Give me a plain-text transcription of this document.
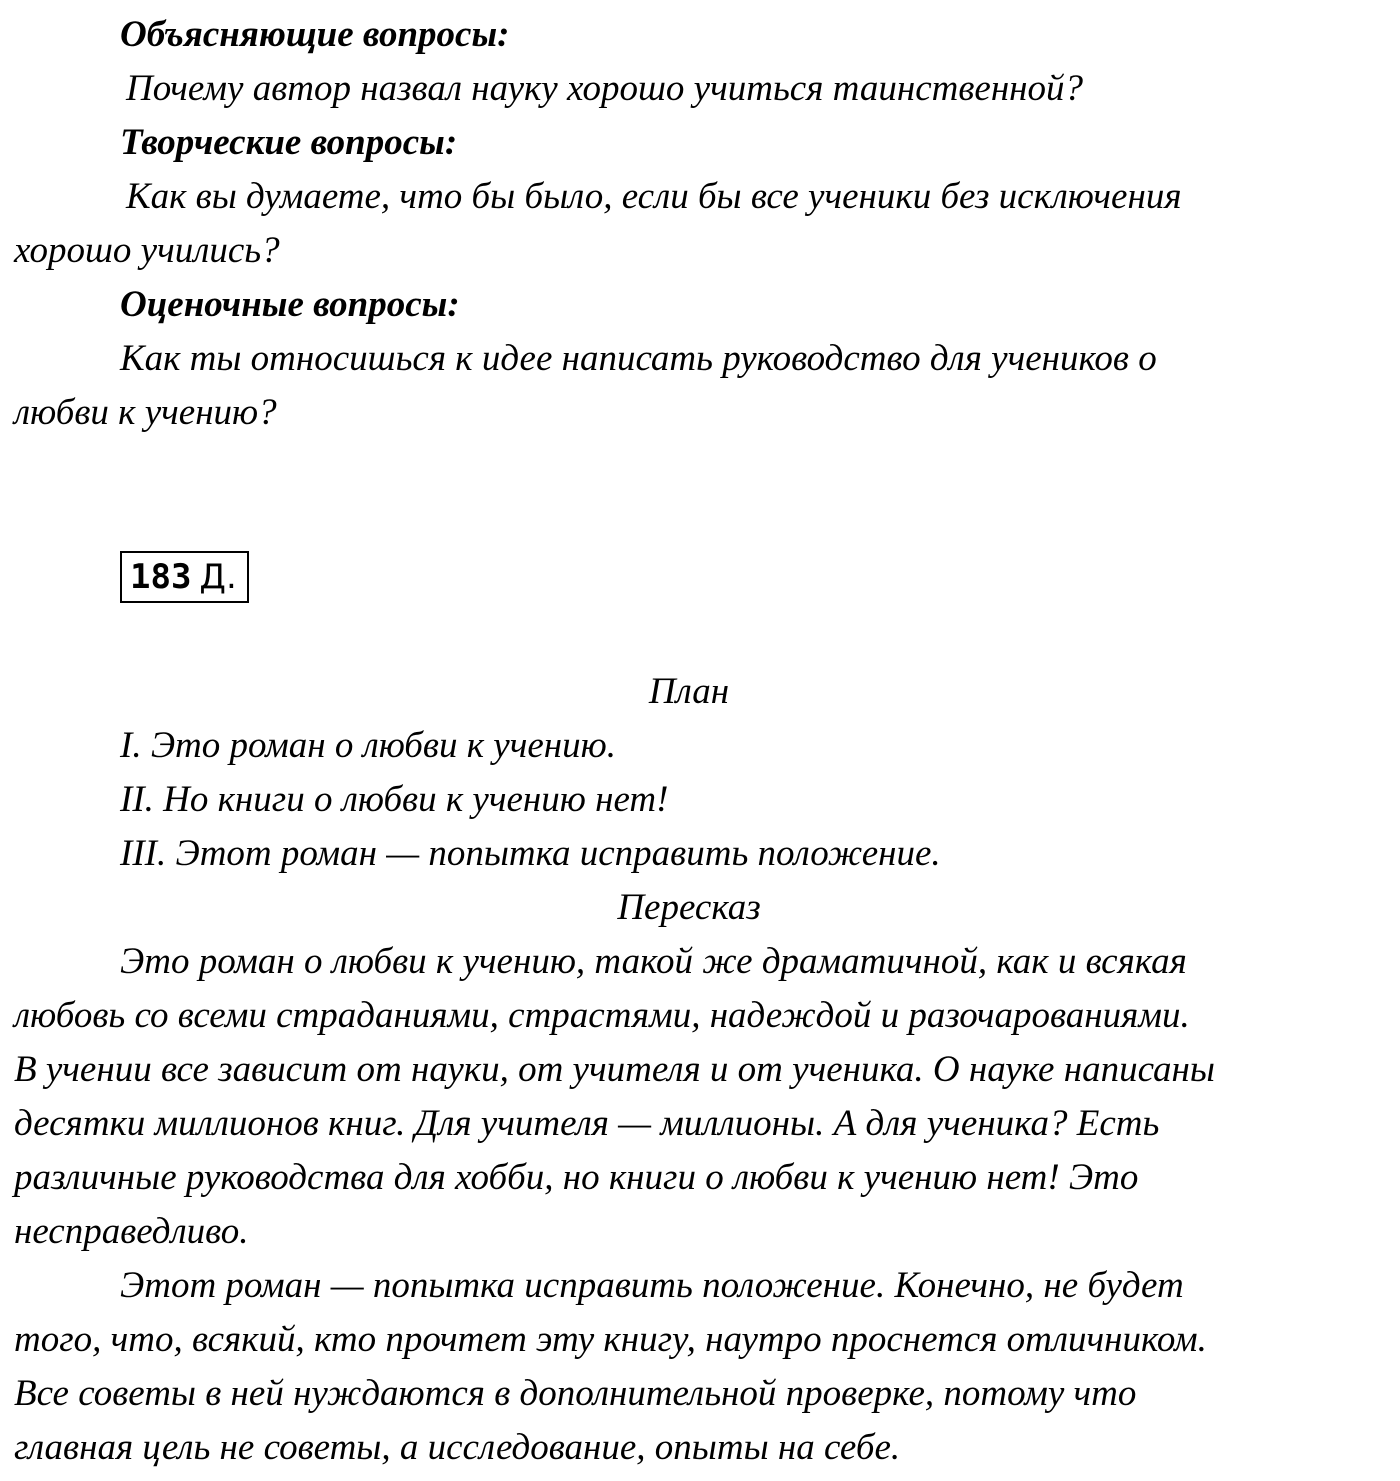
Объясняющие вопросы:
Почему автор назвал науку хорошо учиться таинственной?
Творческие вопросы:
Как вы думаете, что бы было, если бы все ученики без исключения
хорошо учились?
Оценочные вопросы:
Как ты относишься к идее написать руководство для учеников о
любви к учению?
183 Д.
План
I. Это роман о любви к учению.
II. Но книги о любви к учению нет!
III. Этот роман — попытка исправить положение.
Пересказ
Это роман о любви к учению, такой же драматичной, как и всякая
любовь со всеми страданиями, страстями, надеждой и разочарованиями.
В учении все зависит от науки, от учителя и от ученика. О науке написаны
десятки миллионов книг. Для учителя — миллионы. А для ученика? Есть
различные руководства для хобби, но книги о любви к учению нет! Это
несправедливо.
Этот роман — попытка исправить положение. Конечно, не будет
того, что, всякий, кто прочтет эту книгу, наутро проснется отличником.
Все советы в ней нуждаются в дополнительной проверке, потому что
главная цель не советы, а исследование, опыты на себе.
